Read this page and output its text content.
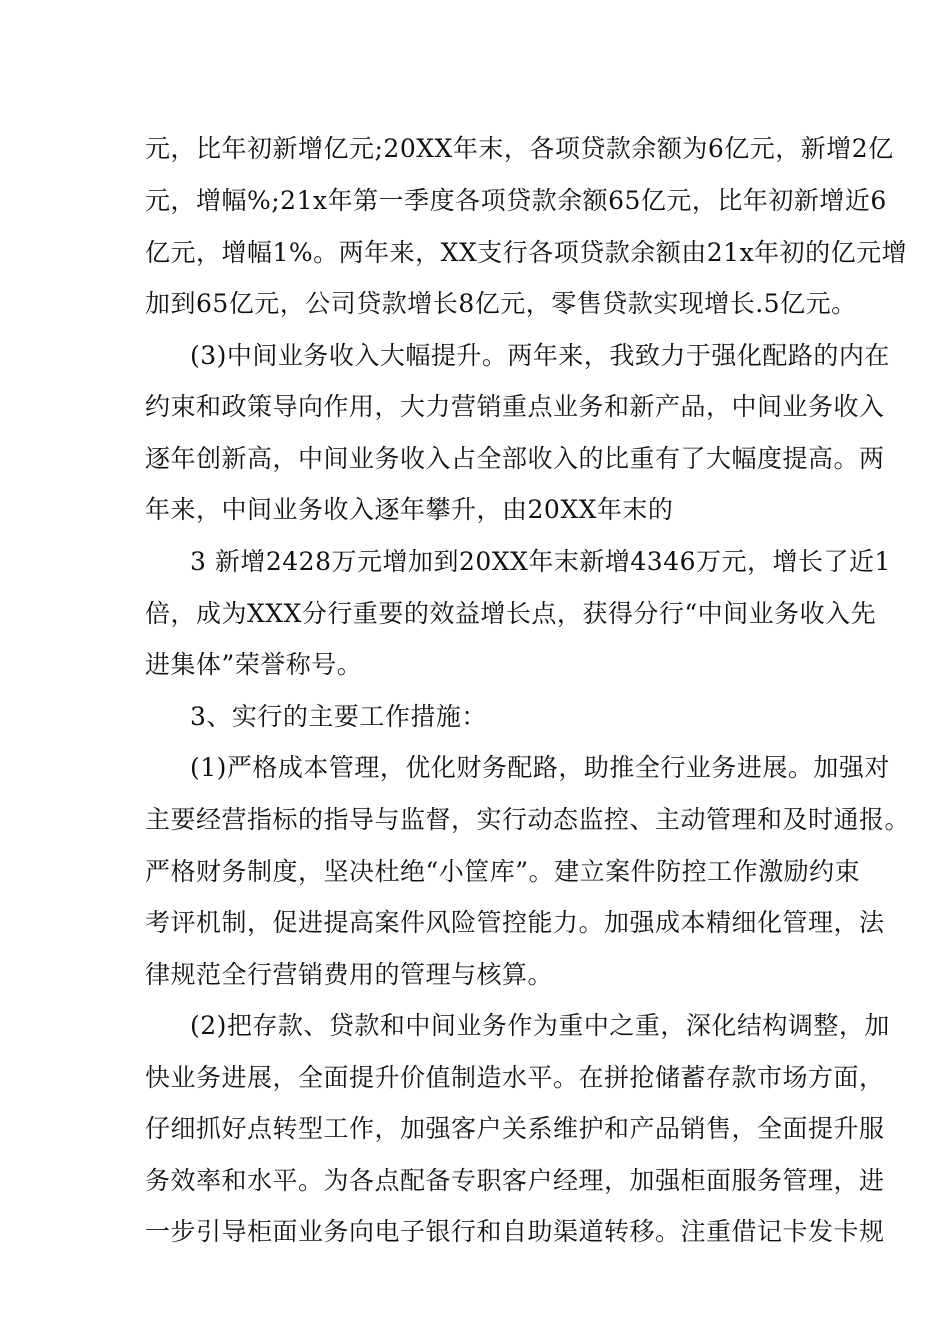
元，比年初新增亿元;20XX年末，各项贷款余额为6亿元，新增2亿
元，增幅%;21x年第一季度各项贷款余额65亿元，比年初新增近6
亿元，增幅1%。两年来，XX支行各项贷款余额由21x年初的亿元增
加到65亿元，公司贷款增长8亿元，零售贷款实现增长.5亿元。
(3)中间业务收入大幅提升。两年来，我致力于强化配路的内在
约束和政策导向作用，大力营销重点业务和新产品，中间业务收入
逐年创新高，中间业务收入占全部收入的比重有了大幅度提高。两
年来，中间业务收入逐年攀升，由20XX年末的
3 新增2428万元增加到20XX年末新增4346万元，增长了近1
倍，成为XXX分行重要的效益增长点，获得分行“中间业务收入先
进集体”荣誉称号。
3、实行的主要工作措施：
(1)严格成本管理，优化财务配路，助推全行业务进展。加强对
主要经营指标的指导与监督，实行动态监控、主动管理和及时通报。
严格财务制度，坚决杜绝“小筐库”。建立案件防控工作激励约束
考评机制，促进提高案件风险管控能力。加强成本精细化管理，法
律规范全行营销费用的管理与核算。
(2)把存款、贷款和中间业务作为重中之重，深化结构调整，加
快业务进展，全面提升价值制造水平。在拼抢储蓄存款市场方面，
仔细抓好点转型工作，加强客户关系维护和产品销售，全面提升服
务效率和水平。为各点配备专职客户经理，加强柜面服务管理，进
一步引导柜面业务向电子银行和自助渠道转移。注重借记卡发卡规
